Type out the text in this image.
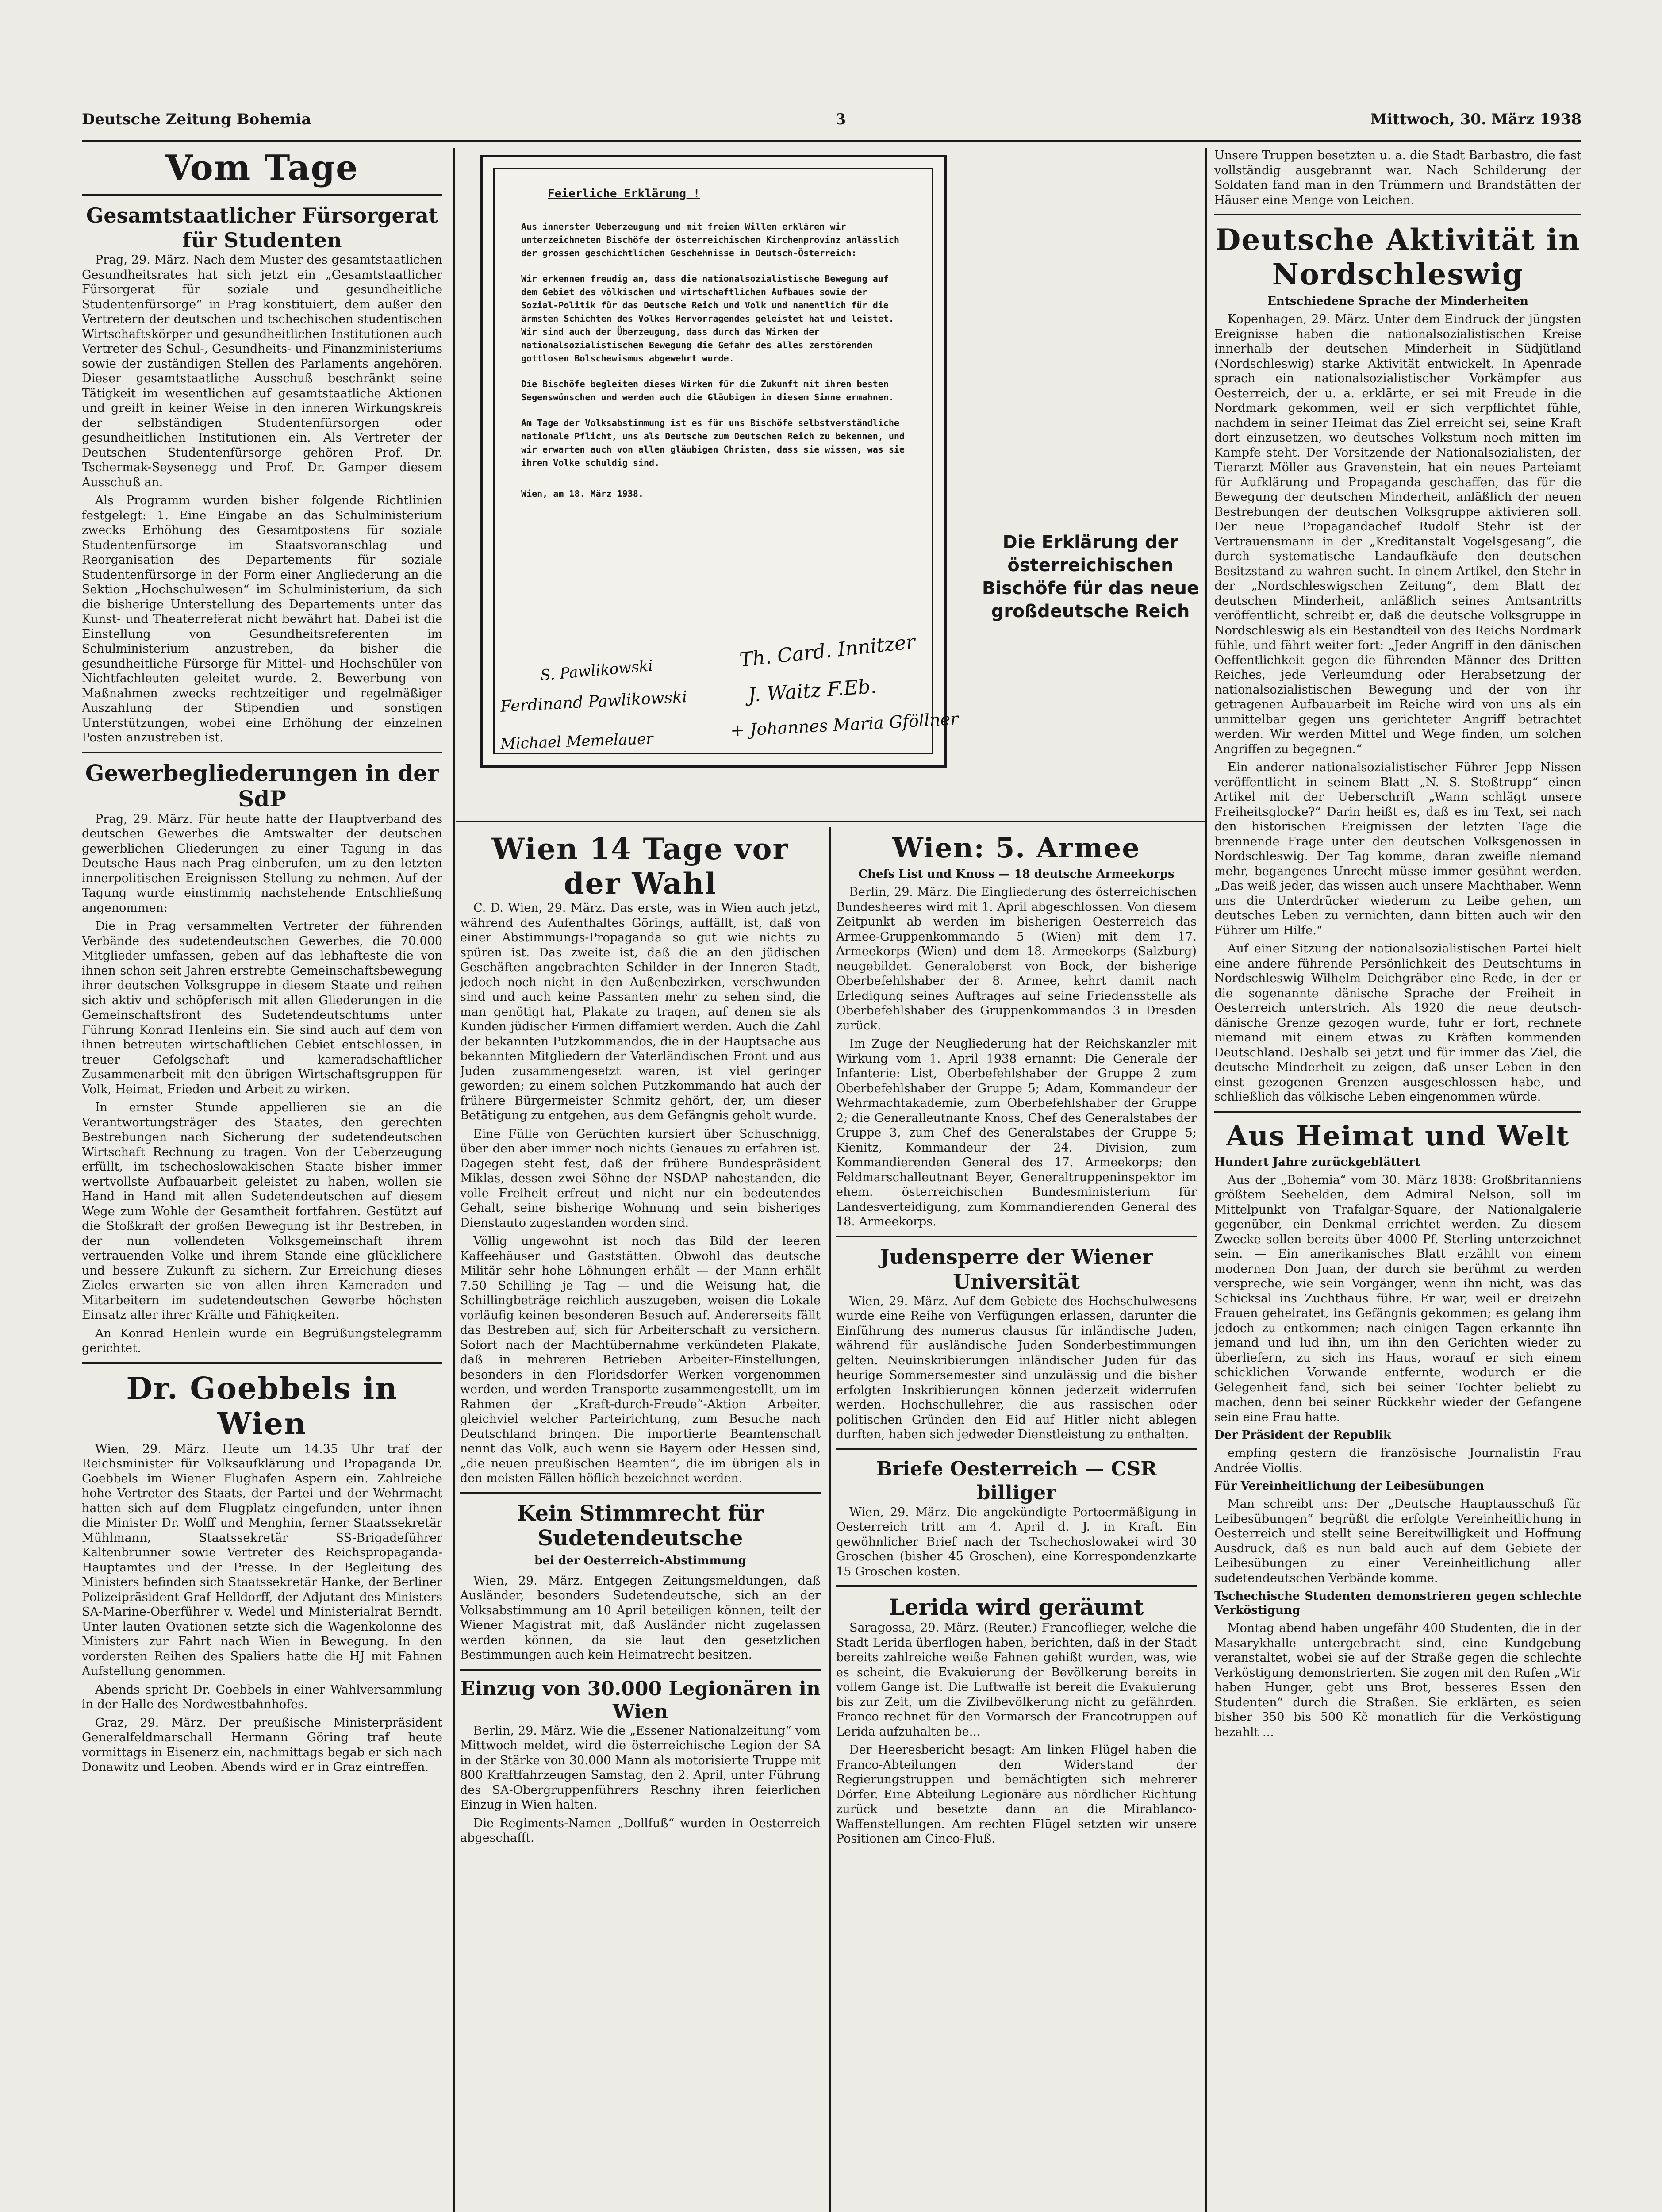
Deutsche Zeitung Bohemia	3	Mittwoch, 30. März 1938
Vom Tage
Gesamtstaatlicher Fürsorgerat für Studenten

Prag, 29. März. Nach dem Muster des gesamtstaatlichen Gesundheitsrates hat sich jetzt ein „Gesamtstaatlicher Fürsorgerat für soziale und gesundheitliche Studentenfürsorge“ in Prag konstituiert, dem außer den Vertretern der deutschen und tschechischen studentischen Wirtschaftskörper und gesundheitlichen Institutionen auch Vertreter des Schul-, Gesundheits- und Finanzministeriums sowie der zuständigen Stellen des Parlaments angehören. Dieser gesamtstaatliche Ausschuß beschränkt seine Tätigkeit im wesentlichen auf gesamtstaatliche Aktionen und greift in keiner Weise in den inneren Wirkungskreis der selbständigen Studentenfürsorgen oder gesundheitlichen Institutionen ein. Als Vertreter der Deutschen Studentenfürsorge gehören Prof. Dr. Tschermak-Seysenegg und Prof. Dr. Gamper diesem Ausschuß an.

Als Programm wurden bisher folgende Richtlinien festgelegt: 1. Eine Eingabe an das Schulministerium zwecks Erhöhung des Gesamtpostens für soziale Studentenfürsorge im Staatsvoranschlag und Reorganisation des Departements für soziale Studentenfürsorge in der Form einer Angliederung an die Sektion „Hochschulwesen“ im Schulministerium, da sich die bisherige Unterstellung des Departements unter das Kunst- und Theaterreferat nicht bewährt hat. Dabei ist die Einstellung von Gesundheitsreferenten im Schulministerium anzustreben, da bisher die gesundheitliche Fürsorge für Mittel- und Hochschüler von Nichtfachleuten geleitet wurde. 2. Bewerbung von Maßnahmen zwecks rechtzeitiger und regelmäßiger Auszahlung der Stipendien und sonstigen Unterstützungen, wobei eine Erhöhung der einzelnen Posten anzustreben ist.

Gewerbegliederungen in der SdP

Prag, 29. März. Für heute hatte der Hauptverband des deutschen Gewerbes die Amtswalter der deutschen gewerblichen Gliederungen zu einer Tagung in das Deutsche Haus nach Prag einberufen, um zu den letzten innerpolitischen Ereignissen Stellung zu nehmen. Auf der Tagung wurde einstimmig nachstehende Entschließung angenommen:

Die in Prag versammelten Vertreter der führenden Verbände des sudetendeutschen Gewerbes, die 70.000 Mitglieder umfassen, geben auf das lebhafteste die von ihnen schon seit Jahren erstrebte Gemeinschaftsbewegung ihrer deutschen Volksgruppe in diesem Staate und reihen sich aktiv und schöpferisch mit allen Gliederungen in die Gemeinschaftsfront des Sudetendeutschtums unter Führung Konrad Henleins ein. Sie sind auch auf dem von ihnen betreuten wirtschaftlichen Gebiet entschlossen, in treuer Gefolgschaft und kameradschaftlicher Zusammenarbeit mit den übrigen Wirtschaftsgruppen für Volk, Heimat, Frieden und Arbeit zu wirken.

In ernster Stunde appellieren sie an die Verantwortungsträger des Staates, den gerechten Bestrebungen nach Sicherung der sudetendeutschen Wirtschaft Rechnung zu tragen. Von der Ueberzeugung erfüllt, im tschechoslowakischen Staate bisher immer wertvollste Aufbauarbeit geleistet zu haben, wollen sie Hand in Hand mit allen Sudetendeutschen auf diesem Wege zum Wohle der Gesamtheit fortfahren. Gestützt auf die Stoßkraft der großen Bewegung ist ihr Bestreben, in der nun vollendeten Volksgemeinschaft ihrem vertrauenden Volke und ihrem Stande eine glücklichere und bessere Zukunft zu sichern. Zur Erreichung dieses Zieles erwarten sie von allen ihren Kameraden und Mitarbeitern im sudetendeutschen Gewerbe höchsten Einsatz aller ihrer Kräfte und Fähigkeiten.

An Konrad Henlein wurde ein Begrüßungstelegramm gerichtet.

Dr. Goebbels in Wien

Wien, 29. März. Heute um 14.35 Uhr traf der Reichsminister für Volksaufklärung und Propaganda Dr. Goebbels im Wiener Flughafen Aspern ein. Zahlreiche hohe Vertreter des Staats, der Partei und der Wehrmacht hatten sich auf dem Flugplatz eingefunden, unter ihnen die Minister Dr. Wolff und Menghin, ferner Staatssekretär Mühlmann, Staatssekretär SS-Brigadeführer Kaltenbrunner sowie Vertreter des Reichspropaganda-Hauptamtes und der Presse. In der Begleitung des Ministers befinden sich Staatssekretär Hanke, der Berliner Polizeipräsident Graf Helldorff, der Adjutant des Ministers SA-Marine-Oberführer v. Wedel und Ministerialrat Berndt. Unter lauten Ovationen setzte sich die Wagenkolonne des Ministers zur Fahrt nach Wien in Bewegung. In den vordersten Reihen des Spaliers hatte die HJ mit Fahnen Aufstellung genommen.

Abends spricht Dr. Goebbels in einer Wahlversammlung in der Halle des Nordwestbahnhofes.

Graz, 29. März. Der preußische Ministerpräsident Generalfeldmarschall Hermann Göring traf heute vormittags in Eisenerz ein, nachmittags begab er sich nach Donawitz und Leoben. Abends wird er in Graz eintreffen.

Feierliche Erklärung !

Aus innerster Ueberzeugung und mit freiem Willen erklären wir unterzeichneten Bischöfe der österreichischen Kirchenprovinz anlässlich der grossen geschichtlichen Geschehnisse in Deutsch-Österreich:

Wir erkennen freudig an, dass die nationalsozialistische Bewegung auf dem Gebiet des völkischen und wirtschaftlichen Aufbaues sowie der Sozial-Politik für das Deutsche Reich und Volk und namentlich für die ärmsten Schichten des Volkes Hervorragendes geleistet hat und leistet. Wir sind auch der Überzeugung, dass durch das Wirken der nationalsozialistischen Bewegung die Gefahr des alles zerstörenden gottlosen Bolschewismus abgewehrt wurde.

Die Bischöfe begleiten dieses Wirken für die Zukunft mit ihren besten Segenswünschen und werden auch die Gläubigen in diesem Sinne ermahnen.

Am Tage der Volksabstimmung ist es für uns Bischöfe selbstverständliche nationale Pflicht, uns als Deutsche zum Deutschen Reich zu bekennen, und wir erwarten auch von allen gläubigen Christen, dass sie wissen, was sie ihrem Volke schuldig sind.

Wien, am 18. März 1938.

Th. Card. Innitzer
J. Waitz F.Eb.
Ferdinand Pawlikowski
S. Pawlikowski
+ Johannes Maria Gföllner
Michael Memelauer
Die Erklärung der österreichischen Bischöfe für das neue großdeutsche Reich
Wien 14 Tage vor der Wahl

C. D. Wien, 29. März. Das erste, was in Wien auch jetzt, während des Aufenthaltes Görings, auffällt, ist, daß von einer Abstimmungs-Propaganda so gut wie nichts zu spüren ist. Das zweite ist, daß die an den jüdischen Geschäften angebrachten Schilder in der Inneren Stadt, jedoch noch nicht in den Außenbezirken, verschwunden sind und auch keine Passanten mehr zu sehen sind, die man genötigt hat, Plakate zu tragen, auf denen sie als Kunden jüdischer Firmen diffamiert werden. Auch die Zahl der bekannten Putzkommandos, die in der Hauptsache aus bekannten Mitgliedern der Vaterländischen Front und aus Juden zusammengesetzt waren, ist viel geringer geworden; zu einem solchen Putzkommando hat auch der frühere Bürgermeister Schmitz gehört, der, um dieser Betätigung zu entgehen, aus dem Gefängnis geholt wurde.

Eine Fülle von Gerüchten kursiert über Schuschnigg, über den aber immer noch nichts Genaues zu erfahren ist. Dagegen steht fest, daß der frühere Bundespräsident Miklas, dessen zwei Söhne der NSDAP nahestanden, die volle Freiheit erfreut und nicht nur ein bedeutendes Gehalt, seine bisherige Wohnung und sein bisheriges Dienstauto zugestanden worden sind.

Völlig ungewohnt ist noch das Bild der leeren Kaffeehäuser und Gaststätten. Obwohl das deutsche Militär sehr hohe Löhnungen erhält — der Mann erhält 7.50 Schilling je Tag — und die Weisung hat, die Schillingbeträge reichlich auszugeben, weisen die Lokale vorläufig keinen besonderen Besuch auf. Andererseits fällt das Bestreben auf, sich für Arbeiterschaft zu versichern. Sofort nach der Machtübernahme verkündeten Plakate, daß in mehreren Betrieben Arbeiter-Einstellungen, besonders in den Floridsdorfer Werken vorgenommen werden, und werden Transporte zusammengestellt, um im Rahmen der „Kraft-durch-Freude“-Aktion Arbeiter, gleichviel welcher Parteirichtung, zum Besuche nach Deutschland bringen. Die importierte Beamtenschaft nennt das Volk, auch wenn sie Bayern oder Hessen sind, „die neuen preußischen Beamten“, die im übrigen als in den meisten Fällen höflich bezeichnet werden.

Kein Stimmrecht für Sudetendeutsche
bei der Oesterreich-Abstimmung

Wien, 29. März. Entgegen Zeitungsmeldungen, daß Ausländer, besonders Sudetendeutsche, sich an der Volksabstimmung am 10 April beteiligen können, teilt der Wiener Magistrat mit, daß Ausländer nicht zugelassen werden können, da sie laut den gesetzlichen Bestimmungen auch kein Heimatrecht besitzen.

Einzug von 30.000 Legionären in Wien

Berlin, 29. März. Wie die „Essener Nationalzeitung“ vom Mittwoch meldet, wird die österreichische Legion der SA in der Stärke von 30.000 Mann als motorisierte Truppe mit 800 Kraftfahrzeugen Samstag, den 2. April, unter Führung des SA-Obergruppenführers Reschny ihren feierlichen Einzug in Wien halten.

Die Regiments-Namen „Dollfuß“ wurden in Oesterreich abgeschafft.

Wien: 5. Armee
Chefs List und Knoss — 18 deutsche Armeekorps

Berlin, 29. März. Die Eingliederung des österreichischen Bundesheeres wird mit 1. April abgeschlossen. Von diesem Zeitpunkt ab werden im bisherigen Oesterreich das Armee-Gruppenkommando 5 (Wien) mit dem 17. Armeekorps (Wien) und dem 18. Armeekorps (Salzburg) neugebildet. Generaloberst von Bock, der bisherige Oberbefehlshaber der 8. Armee, kehrt damit nach Erledigung seines Auftrages auf seine Friedensstelle als Oberbefehlshaber des Gruppenkommandos 3 in Dresden zurück.

Im Zuge der Neugliederung hat der Reichskanzler mit Wirkung vom 1. April 1938 ernannt: Die Generale der Infanterie: List, Oberbefehlshaber der Gruppe 2 zum Oberbefehlshaber der Gruppe 5; Adam, Kommandeur der Wehrmachtakademie, zum Oberbefehlshaber der Gruppe 2; die Generalleutnante Knoss, Chef des Generalstabes der Gruppe 3, zum Chef des Generalstabes der Gruppe 5; Kienitz, Kommandeur der 24. Division, zum Kommandierenden General des 17. Armeekorps; den Feldmarschalleutnant Beyer, Generaltruppeninspektor im ehem. österreichischen Bundesministerium für Landesverteidigung, zum Kommandierenden General des 18. Armeekorps.

Judensperre der Wiener Universität

Wien, 29. März. Auf dem Gebiete des Hochschulwesens wurde eine Reihe von Verfügungen erlassen, darunter die Einführung des numerus clausus für inländische Juden, während für ausländische Juden Sonderbestimmungen gelten. Neuinskribierungen inländischer Juden für das heurige Sommersemester sind unzulässig und die bisher erfolgten Inskribierungen können jederzeit widerrufen werden. Hochschullehrer, die aus rassischen oder politischen Gründen den Eid auf Hitler nicht ablegen durften, haben sich jedweder Dienstleistung zu enthalten.

Briefe Oesterreich — CSR billiger

Wien, 29. März. Die angekündigte Portoermäßigung in Oesterreich tritt am 4. April d. J. in Kraft. Ein gewöhnlicher Brief nach der Tschechoslowakei wird 30 Groschen (bisher 45 Groschen), eine Korrespondenzkarte 15 Groschen kosten.

Lerida wird geräumt

Saragossa, 29. März. (Reuter.) Francoflieger, welche die Stadt Lerida überflogen haben, berichten, daß in der Stadt bereits zahlreiche weiße Fahnen gehißt wurden, was, wie es scheint, die Evakuierung der Bevölkerung bereits in vollem Gange ist. Die Luftwaffe ist bereit die Evakuierung bis zur Zeit, um die Zivilbevölkerung nicht zu gefährden. Franco rechnet für den Vormarsch der Francotruppen auf Lerida aufzuhalten be...

Der Heeresbericht besagt: Am linken Flügel haben die Franco-Abteilungen den Widerstand der Regierungstruppen und bemächtigten sich mehrerer Dörfer. Eine Abteilung Legionäre aus nördlicher Richtung zurück und besetzte dann an die Mirablanco-Waffenstellungen. Am rechten Flügel setzten wir unsere Positionen am Cinco-Fluß.

Unsere Truppen besetzten u. a. die Stadt Barbastro, die fast vollständig ausgebrannt war. Nach Schilderung der Soldaten fand man in den Trümmern und Brandstätten der Häuser eine Menge von Leichen.

Deutsche Aktivität in Nordschleswig
Entschiedene Sprache der Minderheiten

Kopenhagen, 29. März. Unter dem Eindruck der jüngsten Ereignisse haben die nationalsozialistischen Kreise innerhalb der deutschen Minderheit in Südjütland (Nordschleswig) starke Aktivität entwickelt. In Apenrade sprach ein nationalsozialistischer Vorkämpfer aus Oesterreich, der u. a. erklärte, er sei mit Freude in die Nordmark gekommen, weil er sich verpflichtet fühle, nachdem in seiner Heimat das Ziel erreicht sei, seine Kraft dort einzusetzen, wo deutsches Volkstum noch mitten im Kampfe steht. Der Vorsitzende der Nationalsozialisten, der Tierarzt Möller aus Gravenstein, hat ein neues Parteiamt für Aufklärung und Propaganda geschaffen, das für die Bewegung der deutschen Minderheit, anläßlich der neuen Bestrebungen der deutschen Volksgruppe aktivieren soll. Der neue Propagandachef Rudolf Stehr ist der Vertrauensmann in der „Kreditanstalt Vogelsgesang“, die durch systematische Landaufkäufe den deutschen Besitzstand zu wahren sucht. In einem Artikel, den Stehr in der „Nordschleswigschen Zeitung“, dem Blatt der deutschen Minderheit, anläßlich seines Amtsantritts veröffentlicht, schreibt er, daß die deutsche Volksgruppe in Nordschleswig als ein Bestandteil von des Reichs Nordmark fühle, und fährt weiter fort: „Jeder Angriff in den dänischen Oeffentlichkeit gegen die führenden Männer des Dritten Reiches, jede Verleumdung oder Herabsetzung der nationalsozialistischen Bewegung und der von ihr getragenen Aufbauarbeit im Reiche wird von uns als ein unmittelbar gegen uns gerichteter Angriff betrachtet werden. Wir werden Mittel und Wege finden, um solchen Angriffen zu begegnen.“

Ein anderer nationalsozialistischer Führer Jepp Nissen veröffentlicht in seinem Blatt „N. S. Stoßtrupp“ einen Artikel mit der Ueberschrift „Wann schlägt unsere Freiheitsglocke?“ Darin heißt es, daß es im Text, sei nach den historischen Ereignissen der letzten Tage die brennende Frage unter den deutschen Volksgenossen in Nordschleswig. Der Tag komme, daran zweifle niemand mehr, begangenes Unrecht müsse immer gesühnt werden. „Das weiß jeder, das wissen auch unsere Machthaber. Wenn uns die Unterdrücker wiederum zu Leibe gehen, um deutsches Leben zu vernichten, dann bitten auch wir den Führer um Hilfe.“

Auf einer Sitzung der nationalsozialistischen Partei hielt eine andere führende Persönlichkeit des Deutschtums in Nordschleswig Wilhelm Deichgräber eine Rede, in der er die sogenannte dänische Sprache der Freiheit in Oesterreich unterstrich. Als 1920 die neue deutsch-dänische Grenze gezogen wurde, fuhr er fort, rechnete niemand mit einem etwas zu Kräften kommenden Deutschland. Deshalb sei jetzt und für immer das Ziel, die deutsche Minderheit zu zeigen, daß unser Leben in den einst gezogenen Grenzen ausgeschlossen habe, und schließlich das völkische Leben eingenommen würde.

Aus Heimat und Welt
Hundert Jahre zurückgeblättert

Aus der „Bohemia“ vom 30. März 1838: Großbritanniens größtem Seehelden, dem Admiral Nelson, soll im Mittelpunkt von Trafalgar-Square, der Nationalgalerie gegenüber, ein Denkmal errichtet werden. Zu diesem Zwecke sollen bereits über 4000 Pf. Sterling unterzeichnet sein. — Ein amerikanisches Blatt erzählt von einem modernen Don Juan, der durch sie berühmt zu werden verspreche, wie sein Vorgänger, wenn ihn nicht, was das Schicksal ins Zuchthaus führe. Er war, weil er dreizehn Frauen geheiratet, ins Gefängnis gekommen; es gelang ihm jedoch zu entkommen; nach einigen Tagen erkannte ihn jemand und lud ihn, um ihn den Gerichten wieder zu überliefern, zu sich ins Haus, worauf er sich einem schicklichen Vorwande entfernte, wodurch er die Gelegenheit fand, sich bei seiner Tochter beliebt zu machen, denn bei seiner Rückkehr wieder der Gefangene sein eine Frau hatte.

Der Präsident der Republik

empfing gestern die französische Journalistin Frau Andrée Viollis.

Für Vereinheitlichung der Leibesübungen

Man schreibt uns: Der „Deutsche Hauptausschuß für Leibesübungen“ begrüßt die erfolgte Vereinheitlichung in Oesterreich und stellt seine Bereitwilligkeit und Hoffnung Ausdruck, daß es nun bald auch auf dem Gebiete der Leibesübungen zu einer Vereinheitlichung aller sudetendeutschen Verbände komme.

Tschechische Studenten demonstrieren gegen schlechte Verköstigung

Montag abend haben ungefähr 400 Studenten, die in der Masarykhalle untergebracht sind, eine Kundgebung veranstaltet, wobei sie auf der Straße gegen die schlechte Verköstigung demonstrierten. Sie zogen mit den Rufen „Wir haben Hunger, gebt uns Brot, besseres Essen den Studenten“ durch die Straßen. Sie erklärten, es seien bisher 350 bis 500 Kč monatlich für die Verköstigung bezahlt ...
